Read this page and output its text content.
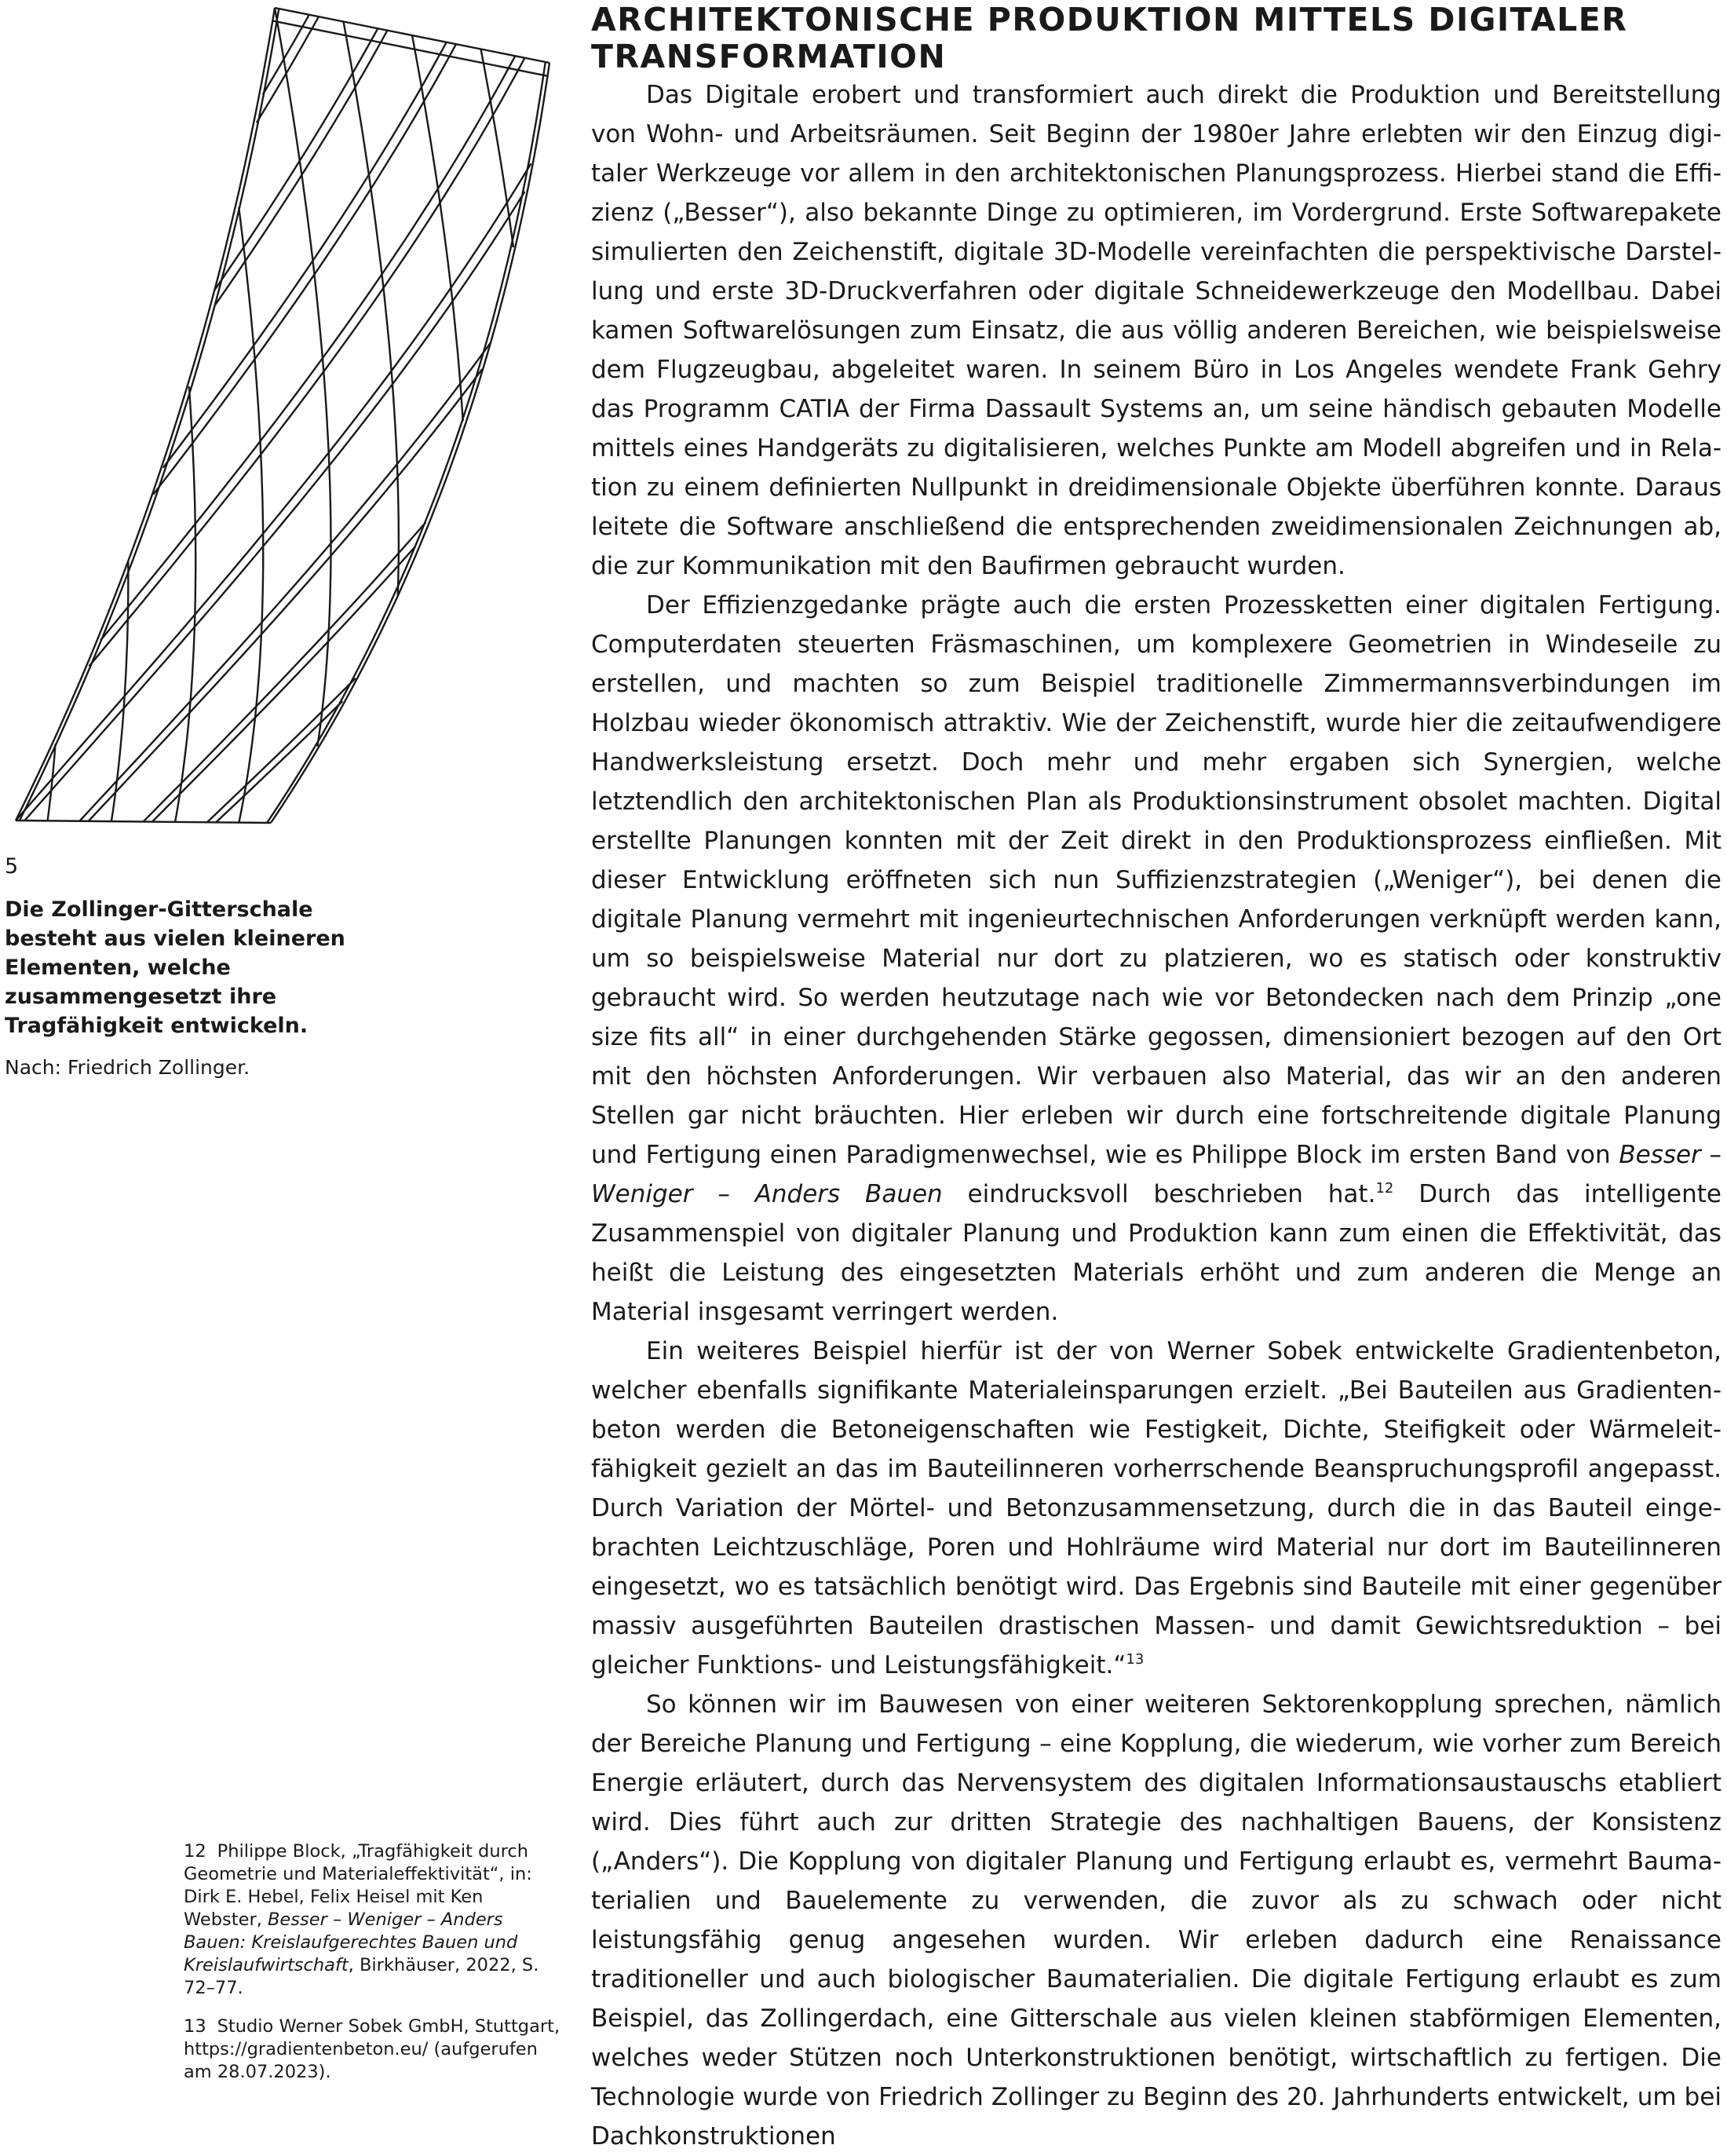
5
Die Zollinger-Gitterschale besteht aus vielen kleineren Elementen, welche zusammengesetzt ihre Tragfähigkeit entwickeln.
Nach: Friedrich Zollinger.
12 Philippe Block, „Tragfähigkeit durch Geometrie und Materialeffektivität“, in: Dirk E. Hebel, Felix Heisel mit Ken Webster, Besser – Weniger – Anders Bauen: Kreislaufgerechtes Bauen und Kreislaufwirtschaft, Birkhäuser, 2022, S. 72–77.
13 Studio Werner Sobek GmbH, Stuttgart, https://gradientenbeton.eu/ (aufgerufen am 28.07.2023).
ARCHITEKTONISCHE PRODUKTION MITTELS DIGITALER TRANSFORMATION

Das Digitale erobert und transformiert auch direkt die Produktion und Bereitstellung von Wohn- und Arbeitsräumen. Seit Beginn der 1980er Jahre erlebten wir den Einzug digitaler Werkzeuge vor allem in den architektonischen Planungsprozess. Hierbei stand die Effizienz („Besser“), also bekannte Dinge zu optimieren, im Vordergrund. Erste Softwarepakete simulierten den Zeichenstift, digitale 3D-Modelle vereinfachten die perspektivische Darstellung und erste 3D-Druckverfahren oder digitale Schneidewerkzeuge den Modellbau. Dabei kamen Softwarelösungen zum Einsatz, die aus völlig anderen Bereichen, wie beispielsweise dem Flugzeugbau, abgeleitet waren. In seinem Büro in Los Angeles wendete Frank Gehry das Programm CATIA der Firma Dassault Systems an, um seine händisch gebauten Modelle mittels eines Handgeräts zu digitalisieren, welches Punkte am Modell abgreifen und in Relation zu einem definierten Nullpunkt in dreidimensionale Objekte überführen konnte. Daraus leitete die Software anschließend die entsprechenden zweidimensionalen Zeichnungen ab, die zur Kommunikation mit den Baufirmen gebraucht wurden.

Der Effizienzgedanke prägte auch die ersten Prozessketten einer digitalen Fertigung. Computerdaten steuerten Fräsmaschinen, um komplexere Geometrien in Windeseile zu erstellen, und machten so zum Beispiel traditionelle Zimmermannsverbindungen im Holzbau wieder ökonomisch attraktiv. Wie der Zeichenstift, wurde hier die zeitaufwendigere Handwerksleistung ersetzt. Doch mehr und mehr ergaben sich Synergien, welche letztendlich den architektonischen Plan als Produktionsinstrument obsolet machten. Digital erstellte Planungen konnten mit der Zeit direkt in den Produktionsprozess einfließen. Mit dieser Entwicklung eröffneten sich nun Suffizienzstrategien („Weniger“), bei denen die digitale Planung vermehrt mit ingenieurtechnischen Anforderungen verknüpft werden kann, um so beispielsweise Material nur dort zu platzieren, wo es statisch oder konstruktiv gebraucht wird. So werden heutzutage nach wie vor Betondecken nach dem Prinzip „one size fits all“ in einer durchgehenden Stärke gegossen, dimensioniert bezogen auf den Ort mit den höchsten Anforderungen. Wir verbauen also Material, das wir an den anderen Stellen gar nicht bräuchten. Hier erleben wir durch eine fortschreitende digitale Planung und Fertigung einen Paradigmenwechsel, wie es Philippe Block im ersten Band von Besser – Weniger – Anders Bauen eindrucksvoll beschrieben hat.$^{12}$ Durch das intelligente Zusammenspiel von digitaler Planung und Produktion kann zum einen die Effektivität, das heißt die Leistung des eingesetzten Materials erhöht und zum anderen die Menge an Material insgesamt verringert werden.

Ein weiteres Beispiel hierfür ist der von Werner Sobek entwickelte Gradientenbeton, welcher ebenfalls signifikante Materialeinsparungen erzielt. „Bei Bauteilen aus Gradientenbeton werden die Betoneigenschaften wie Festigkeit, Dichte, Steifigkeit oder Wärmeleitfähigkeit gezielt an das im Bauteilinneren vorherrschende Beanspruchungsprofil angepasst. Durch Variation der Mörtel- und Betonzusammensetzung, durch die in das Bauteil eingebrachten Leichtzuschläge, Poren und Hohlräume wird Material nur dort im Bauteilinneren eingesetzt, wo es tatsächlich benötigt wird. Das Ergebnis sind Bauteile mit einer gegenüber massiv ausgeführten Bauteilen drastischen Massen- und damit Gewichtsreduktion – bei gleicher Funktions- und Leistungsfähigkeit.“$^{13}$

So können wir im Bauwesen von einer weiteren Sektorenkopplung sprechen, nämlich der Bereiche Planung und Fertigung – eine Kopplung, die wiederum, wie vorher zum Bereich Energie erläutert, durch das Nervensystem des digitalen Informationsaustauschs etabliert wird. Dies führt auch zur dritten Strategie des nachhaltigen Bauens, der Konsistenz („Anders“). Die Kopplung von digitaler Planung und Fertigung erlaubt es, vermehrt Baumaterialien und Bauelemente zu verwenden, die zuvor als zu schwach oder nicht leistungsfähig genug angesehen wurden. Wir erleben dadurch eine Renaissance traditioneller und auch biologischer Baumaterialien. Die digitale Fertigung erlaubt es zum Beispiel, das Zollingerdach, eine Gitterschale aus vielen kleinen stabförmigen Elementen, welches weder Stützen noch Unterkonstruktionen benötigt, wirtschaftlich zu fertigen. Die Technologie wurde von Friedrich Zollinger zu Beginn des 20. Jahrhunderts entwickelt, um bei Dachkonstruktionen
